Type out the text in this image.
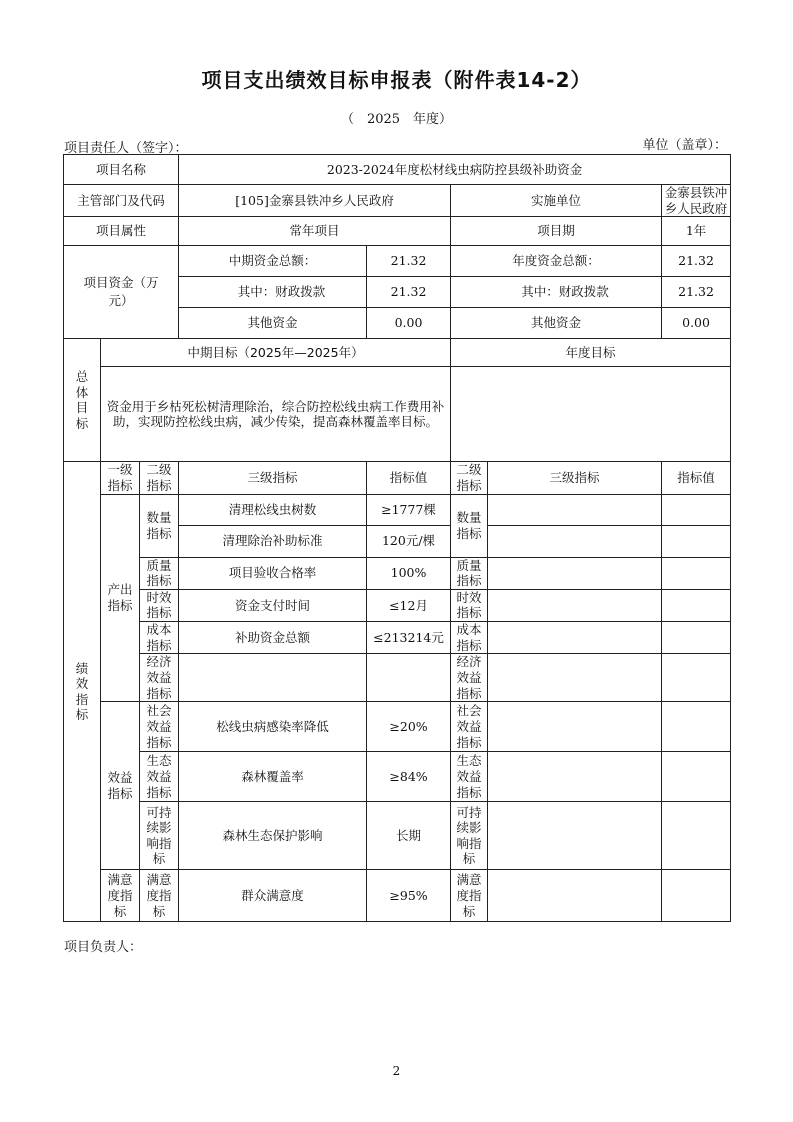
项目支出绩效目标申报表（附件表14-2）
（　2025　年度）
项目责任人（签字）：	单位（盖章）：
项目名称			2023-2024年度松材线虫病防控县级补助资金				
主管部门及代码			[105]金寨县铁冲乡人民政府		实施单位		金寨县铁冲乡人民政府
项目属性			常年项目		项目期		1年
项目资金（万元）			中期资金总额：	21.32	年度资金总额：		21.32
			其中：财政拨款	21.32	其中：财政拨款		21.32
			其他资金	0.00	其他资金		0.00
总体目标	中期目标（2025年—2025年）				年度目标		
	资金用于乡枯死松树清理除治，综合防控松线虫病工作费用补助，实现防控松线虫病，减少传染，提高森林覆盖率目标。						
绩效指标	一级指标	二级指标	三级指标	指标值	二级指标	三级指标	指标值
	产出指标	数量指标	清理松线虫树数	≥1777棵	数量指标		
			清理除治补助标准	120元/棵			
		质量指标	项目验收合格率	100%	质量指标		
		时效指标	资金支付时间	≤12月	时效指标		
		成本指标	补助资金总额	≤213214元	成本指标		
		经济效益指标			经济效益指标		
	效益指标	社会效益指标	松线虫病感染率降低	≥20%	社会效益指标		
		生态效益指标	森林覆盖率	≥84%	生态效益指标		
		可持续影响指标	森林生态保护影响	长期	可持续影响指标		
	满意度指标	满意度指标	群众满意度	≥95%	满意度指标		
项目负责人：
2
